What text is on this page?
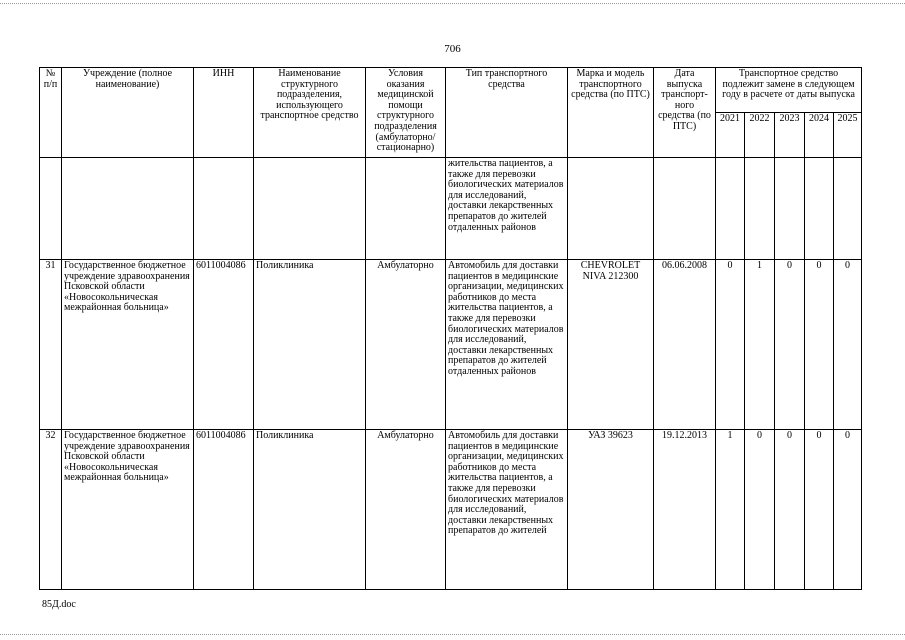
706
№ п/п	Учреждение (полное наименование)	ИНН	Наименование структурного подразделения, использующего транспортное средство	Условия оказания медицинской помощи структурного подразделения (амбулаторно/ стационарно)	Тип транспортного средства	Марка и модель транспортного средства (по ПТС)	Дата выпуска транспорт-ного средства (по ПТС)	Транспортное средство подлежит замене в следующем году в расчете от даты выпуска				
								2021	2022	2023	2024	2025
					жительства пациентов, а также для перевозки биологических материалов для исследований, доставки лекарственных препаратов до жителей отдаленных районов							
31	Государственное бюджетное учреждение здравоохранения Псковской области «Новосокольническая межрайонная больница»	6011004086	Поликлиника	Амбулаторно	Автомобиль для доставки пациентов в медицинские организации, медицинских работников до места жительства пациентов, а также для перевозки биологических материалов для исследований, доставки лекарственных препаратов до жителей отдаленных районов	CHEVROLET NIVA 212300	06.06.2008	0	1	0	0	0
32	Государственное бюджетное учреждение здравоохранения Псковской области «Новосокольническая межрайонная больница»	6011004086	Поликлиника	Амбулаторно	Автомобиль для доставки пациентов в медицинские организации, медицинских работников до места жительства пациентов, а также для перевозки биологических материалов для исследований, доставки лекарственных препаратов до жителей	УАЗ 39623	19.12.2013	1	0	0	0	0
85Д.doc
